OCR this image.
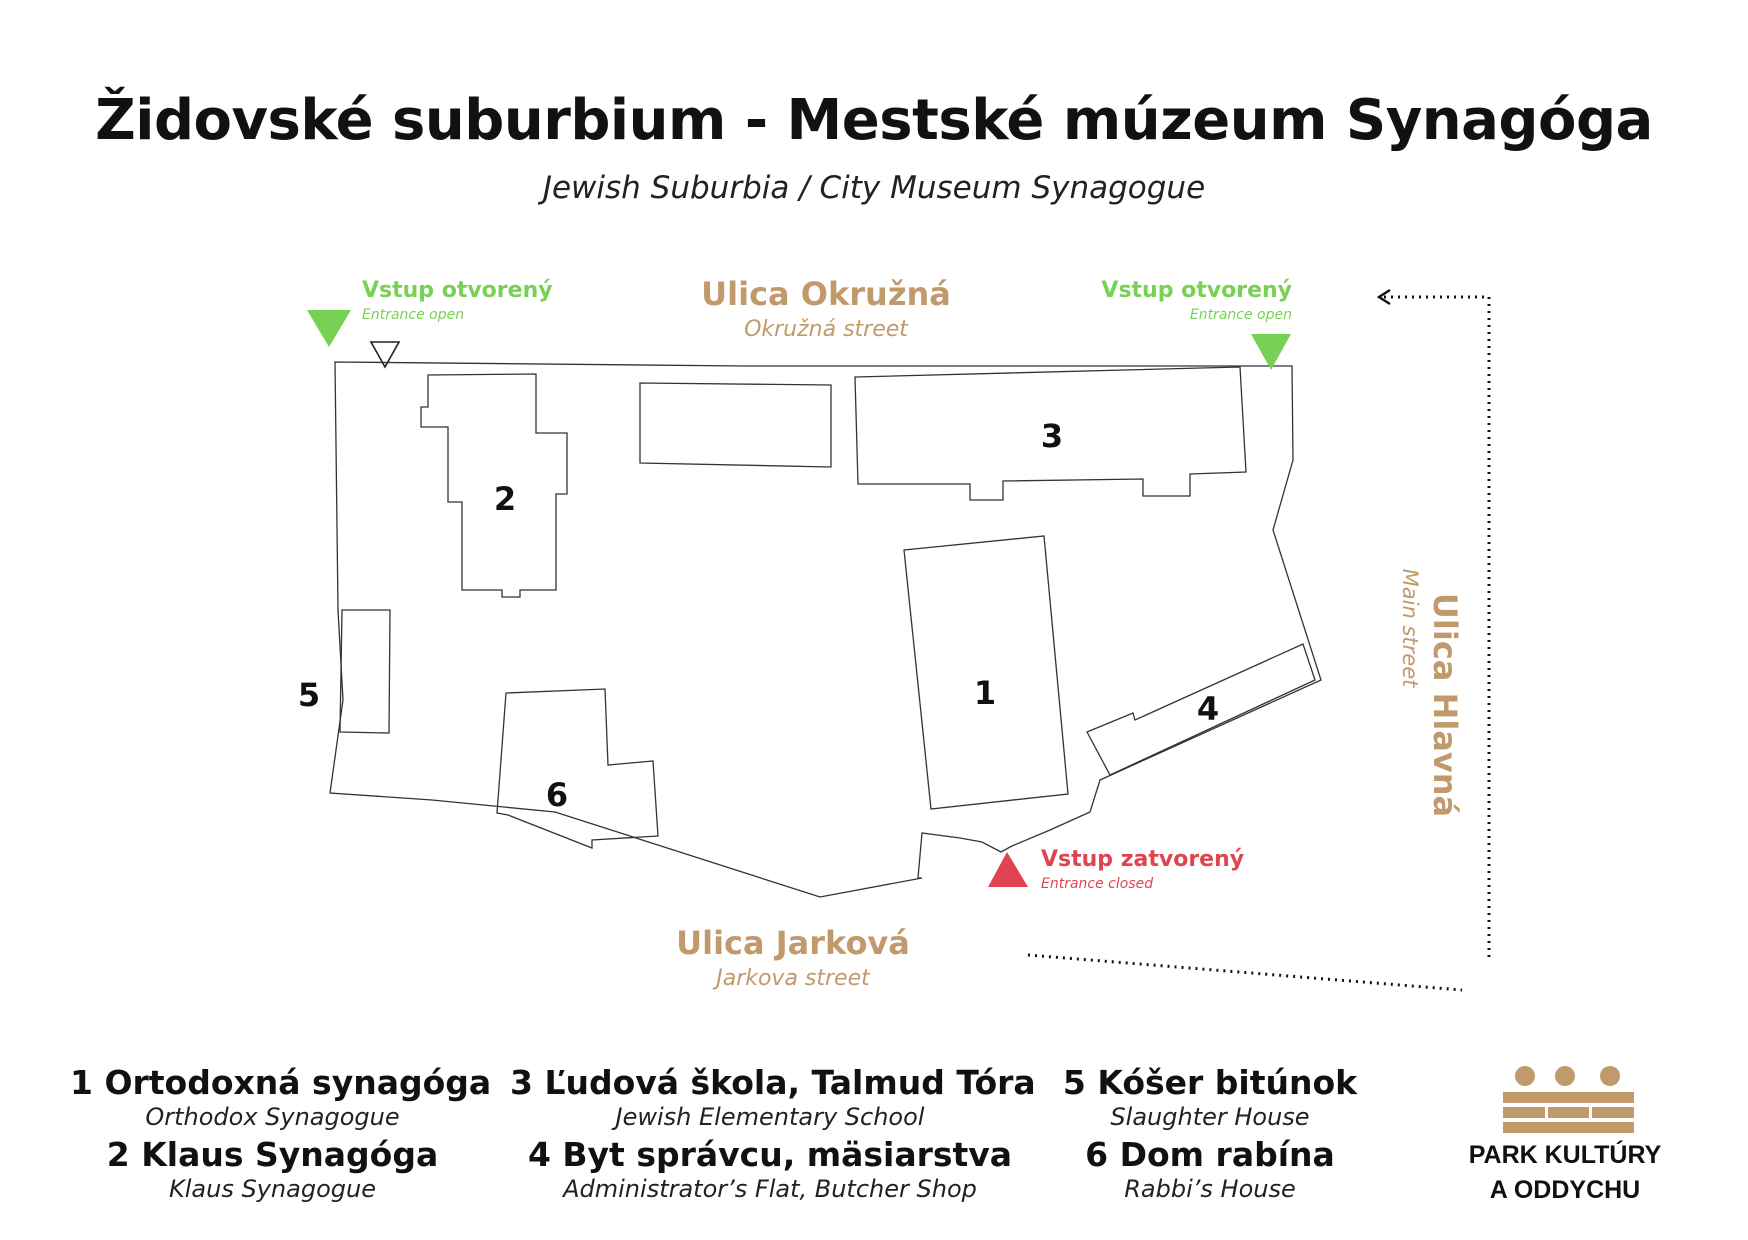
Židovské suburbium - Mestské múzeum Synagóga
Jewish Suburbia / City Museum Synagogue
1
2
3
4
5
6
Vstup otvorený
Entrance open
Vstup otvorený
Entrance open
Vstup zatvorený
Entrance closed
Ulica Okružná
Okružná street
Ulica Jarková
Jarkova street
Ulica Hlavná
Main street
1 Ortodoxná synagóga
Orthodox Synagogue
2 Klaus Synagóga
Klaus Synagogue
3 Ľudová škola, Talmud Tóra
Jewish Elementary School
4 Byt správcu, mäsiarstva
Administrator’s Flat, Butcher Shop
5 Kóšer bitúnok
Slaughter House
6 Dom rabína
Rabbi’s House
PARK KULTÚRY
A ODDYCHU
